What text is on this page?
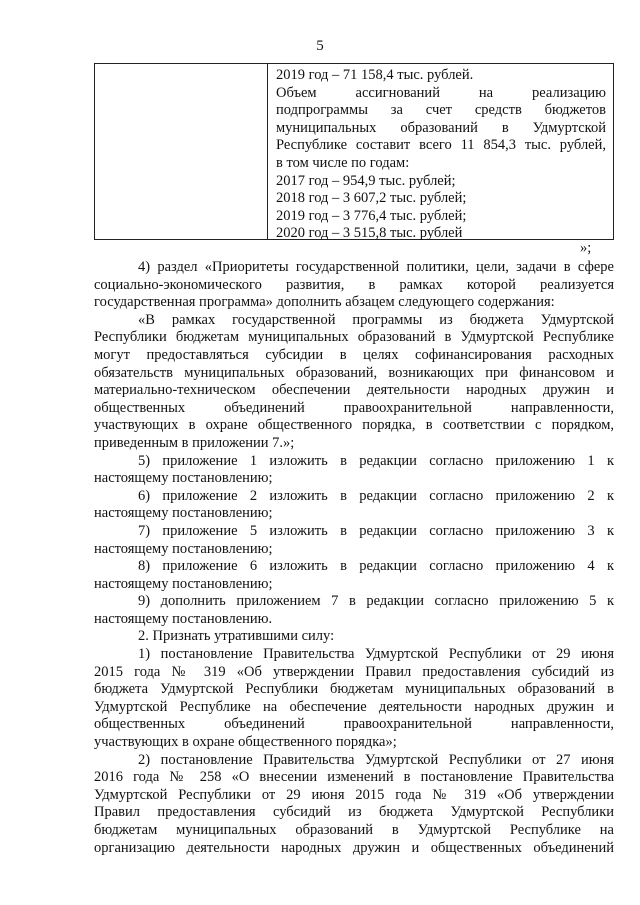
5
2019 год – 71 158,4 тыс. рублей.
Объем ассигнований на реализацию
подпрограммы за счет средств бюджетов
муниципальных образований в Удмуртской
Республике составит всего 11 854,3 тыс. рублей,
в том числе по годам:
2017 год – 954,9 тыс. рублей;
2018 год – 3 607,2 тыс. рублей;
2019 год – 3 776,4 тыс. рублей;
2020 год – 3 515,8 тыс. рублей
»;
4) раздел «Приоритеты государственной политики, цели, задачи в сфере
социально-экономического развития, в рамках которой реализуется
государственная программа» дополнить абзацем следующего содержания:
«В рамках государственной программы из бюджета Удмуртской
Республики бюджетам муниципальных образований в Удмуртской Республике
могут предоставляться субсидии в целях софинансирования расходных
обязательств муниципальных образований, возникающих при финансовом и
материально-техническом обеспечении деятельности народных дружин и
общественных объединений правоохранительной направленности,
участвующих в охране общественного порядка, в соответствии с порядком,
приведенным в приложении 7.»;
5) приложение 1 изложить в редакции согласно приложению 1 к
настоящему постановлению;
6) приложение 2 изложить в редакции согласно приложению 2 к
настоящему постановлению;
7) приложение 5 изложить в редакции согласно приложению 3 к
настоящему постановлению;
8) приложение 6 изложить в редакции согласно приложению 4 к
настоящему постановлению;
9) дополнить приложением 7 в редакции согласно приложению 5 к
настоящему постановлению.
2. Признать утратившими силу:
1) постановление Правительства Удмуртской Республики от 29 июня
2015 года № 319 «Об утверждении Правил предоставления субсидий из
бюджета Удмуртской Республики бюджетам муниципальных образований в
Удмуртской Республике на обеспечение деятельности народных дружин и
общественных объединений правоохранительной направленности,
участвующих в охране общественного порядка»;
2) постановление Правительства Удмуртской Республики от 27 июня
2016 года № 258 «О внесении изменений в постановление Правительства
Удмуртской Республики от 29 июня 2015 года № 319 «Об утверждении
Правил предоставления субсидий из бюджета Удмуртской Республики
бюджетам муниципальных образований в Удмуртской Республике на
организацию деятельности народных дружин и общественных объединений
